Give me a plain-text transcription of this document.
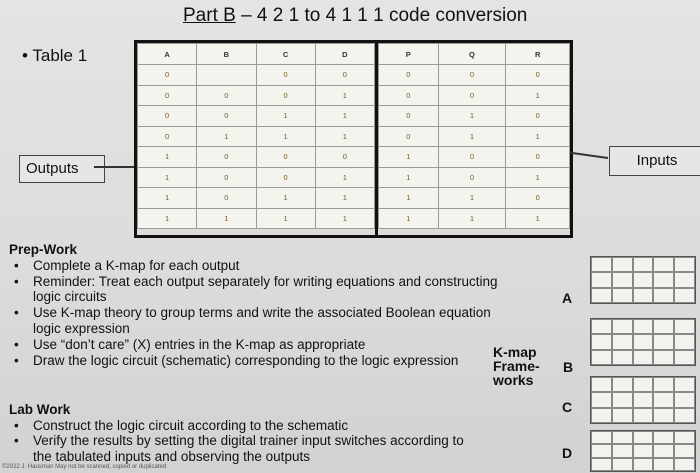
Part B – 4 2 1 to 4 1 1 1 code conversion
• Table 1	A	B	C	D
0		0	0
0	0	0	1
0	0	1	1
0	1	1	1
1	0	0	0
1	0	0	1
1	0	1	1
1	1	1	1
P	Q	R
0	0	0
0	0	1
0	1	0
0	1	1
1	0	0
1	0	1
1	1	0
1	1	1
Outputs	Inputs
Prep-Work
• Complete a K-map for each output
• Reminder: Treat each output separately for writing equations and constructing logic circuits
• Use K-map theory to group terms and write the associated Boolean equation logic expression
• Use “don’t care” (X) entries in the K-map as appropriate
• Draw the logic circuit (schematic) corresponding to the logic expression
Lab Work
• Construct the logic circuit according to the schematic
• Verify the results by setting the digital trainer input switches according to the tabulated inputs and observing the outputs
K-map
Frame-
works
A
B
C
D
©2022 J. Hausman May not be scanned, copied or duplicated
